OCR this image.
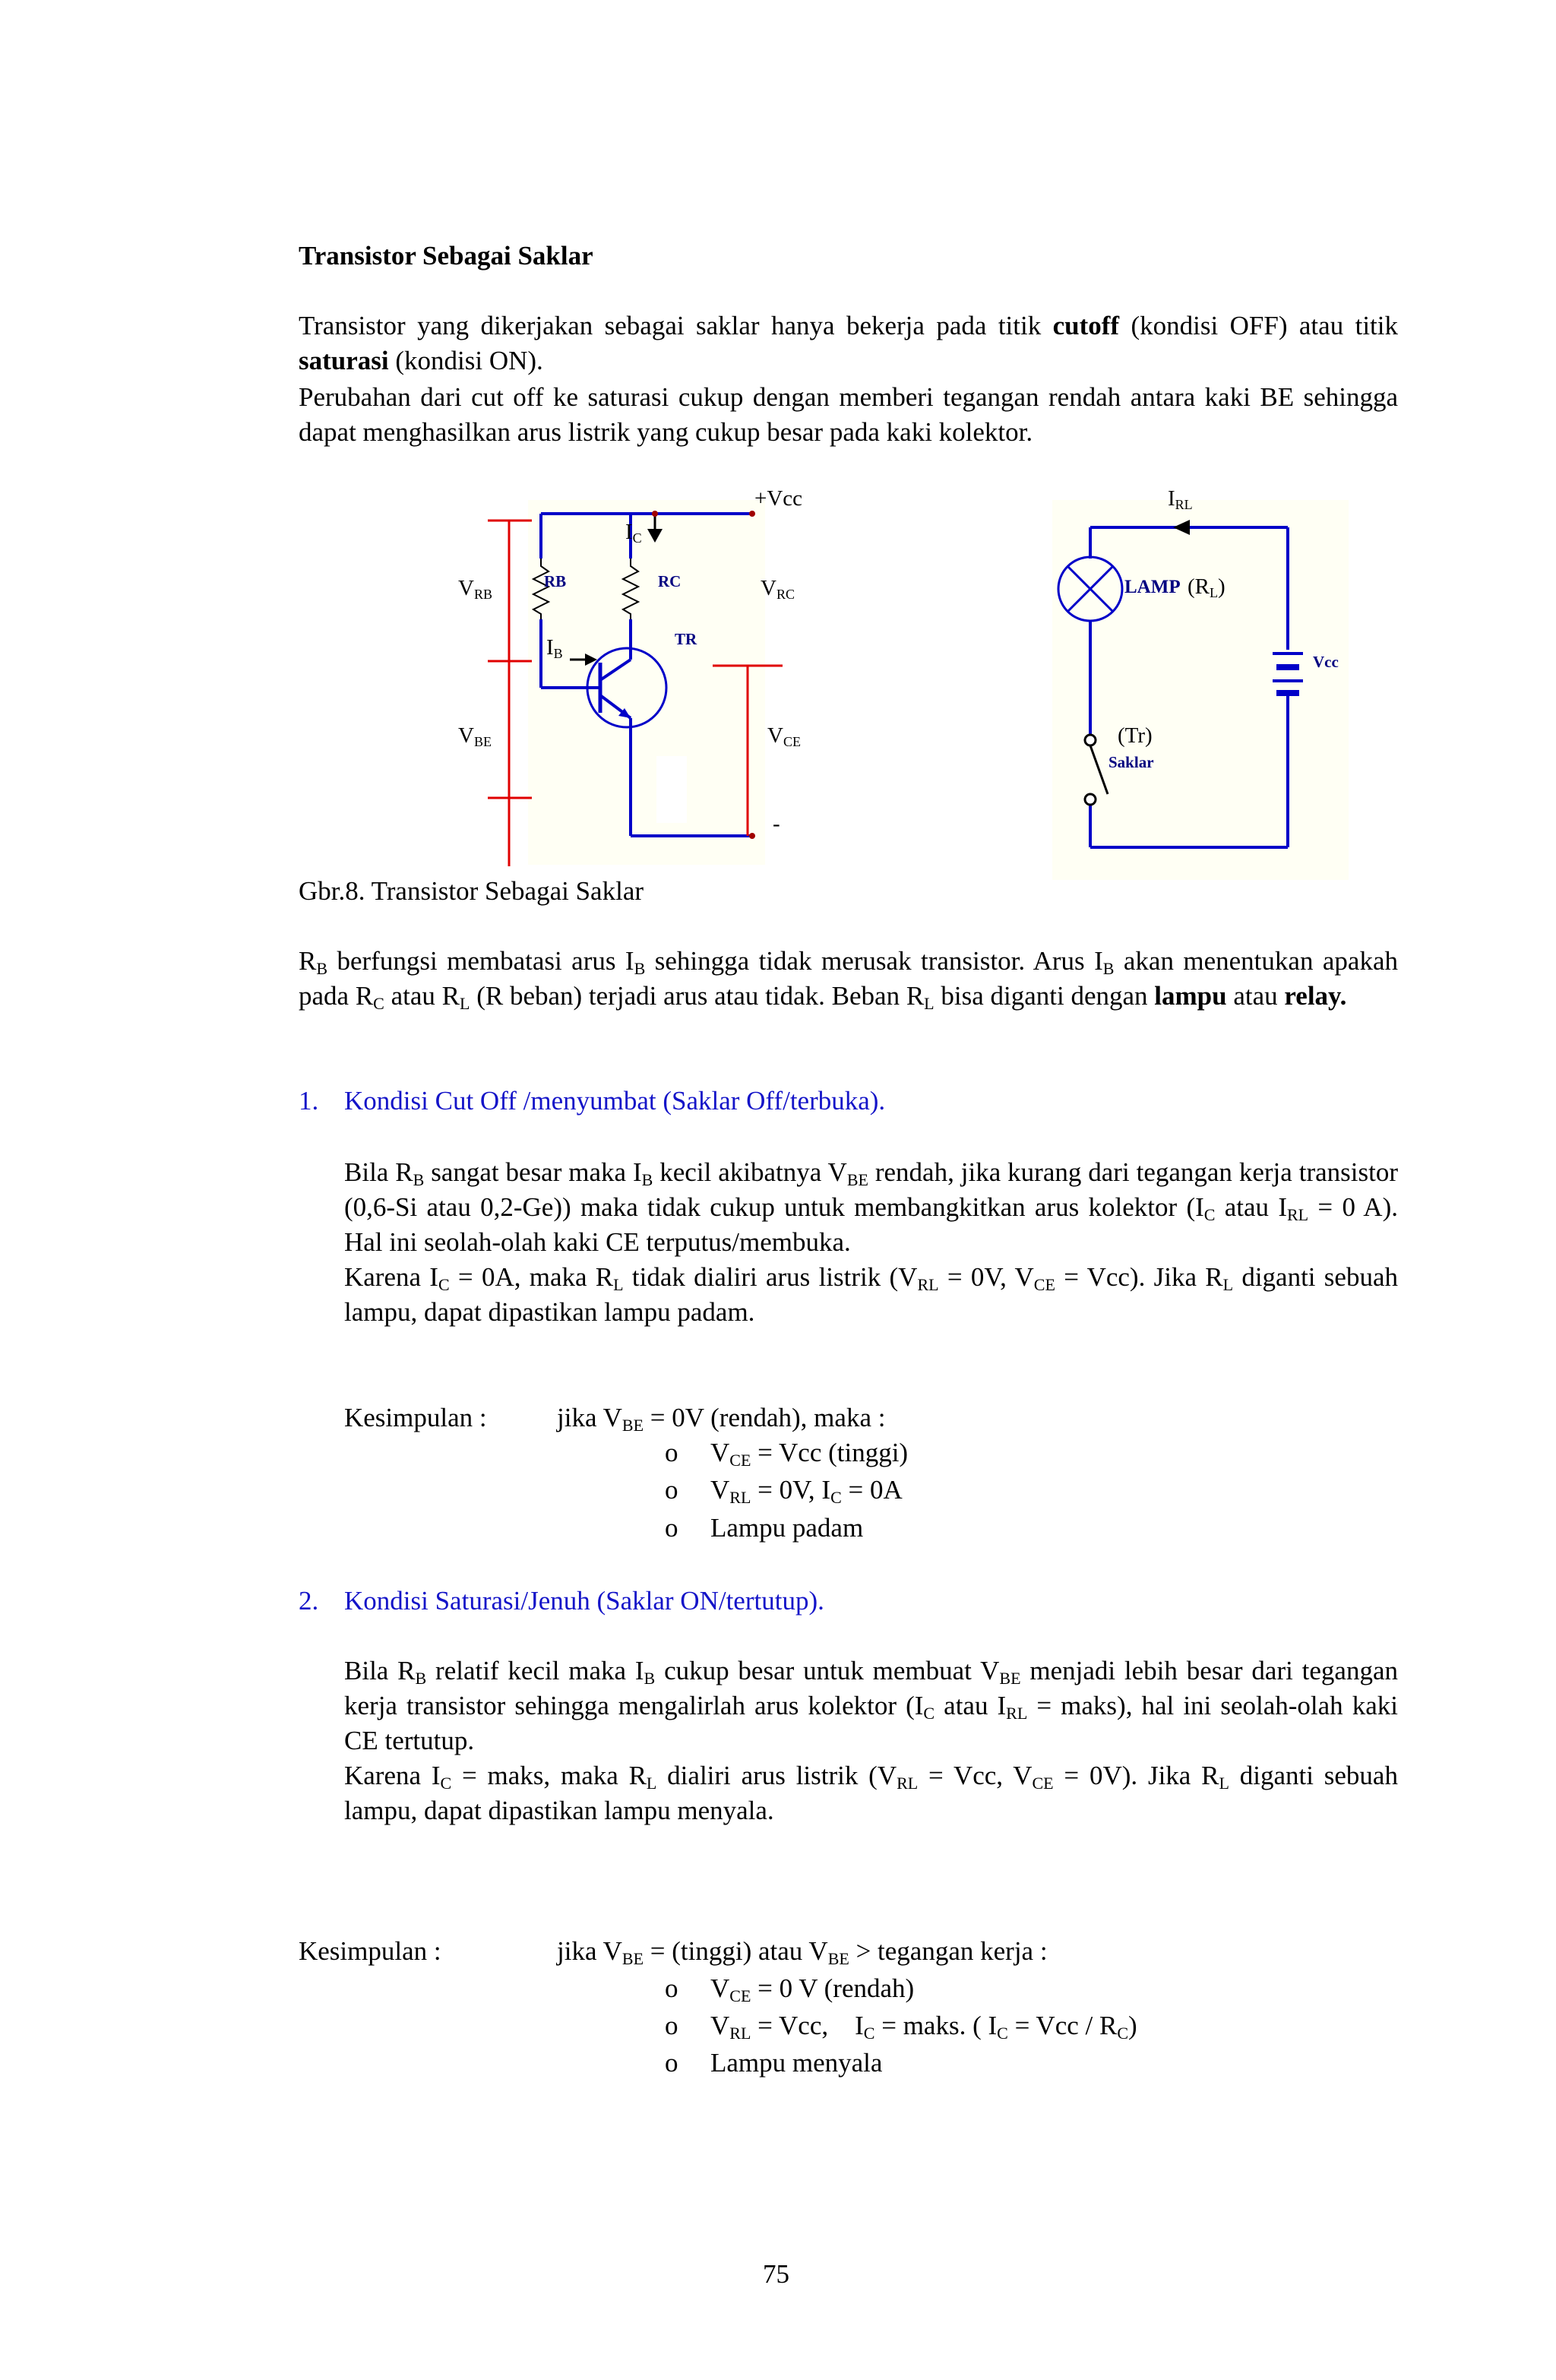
Transistor Sebagai Saklar

Transistor yang dikerjakan sebagai saklar hanya bekerja pada titik cutoff (kondisi OFF) atau titik saturasi (kondisi ON).

Perubahan dari cut off ke saturasi cukup dengan memberi tegangan rendah antara kaki BE sehingga dapat menghasilkan arus listrik yang cukup besar pada kaki kolektor.

+Vcc
$I_C$
$V_{RB}$	$V_{RC}$
$I_B$
$V_{BE}$	$V_{CE}$
-
RB	RC
TR
$I_{RL}$
LAMP $(R_L)$
Vcc
(Tr)
Saklar
Gbr.8. Transistor Sebagai Saklar

$R_B$ berfungsi membatasi arus $I_B$ sehingga tidak merusak transistor. Arus $I_B$ akan menentukan apakah pada $R_C$ atau $R_L$ (R beban) terjadi arus atau tidak. Beban $R_L$ bisa diganti dengan lampu atau relay.

1. Kondisi Cut Off /menyumbat (Saklar Off/terbuka).

Bila $R_B$ sangat besar maka $I_B$ kecil akibatnya $V_{BE}$ rendah, jika kurang dari tegangan kerja transistor (0,6-Si atau 0,2-Ge)) maka tidak cukup untuk membangkitkan arus kolektor ($I_C$ atau $I_{RL} = 0$ A). Hal ini seolah-olah kaki CE terputus/membuka.

Karena $I_C = 0A$, maka $R_L$ tidak dialiri arus listrik ($V_{RL} = 0V$, $V_{CE} = Vcc$). Jika $R_L$ diganti sebuah lampu, dapat dipastikan lampu padam.

Kesimpulan :	jika $V_{BE} = 0V$ (rendah), maka :
o $V_{CE}$ = Vcc (tinggi)
o $V_{RL} = 0V$, $I_C = 0A$
o Lampu padam
2. Kondisi Saturasi/Jenuh (Saklar ON/tertutup).

Bila $R_B$ relatif kecil maka $I_B$ cukup besar untuk membuat $V_{BE}$ menjadi lebih besar dari tegangan kerja transistor sehingga mengalirlah arus kolektor ($I_C$ atau $I_{RL}$ = maks), hal ini seolah-olah kaki CE tertutup.

Karena $I_C$ = maks, maka $R_L$ dialiri arus listrik ($V_{RL}$ = Vcc, $V_{CE} = 0V$). Jika $R_L$ diganti sebuah lampu, dapat dipastikan lampu menyala.

Kesimpulan :	jika $V_{BE}$ = (tinggi) atau $V_{BE}$ > tegangan kerja :
o $V_{CE} = 0$ V (rendah)
o $V_{RL}$ = Vcc,    $I_C$ = maks. ( $I_C$ = Vcc / $R_C$)
o Lampu menyala
75
